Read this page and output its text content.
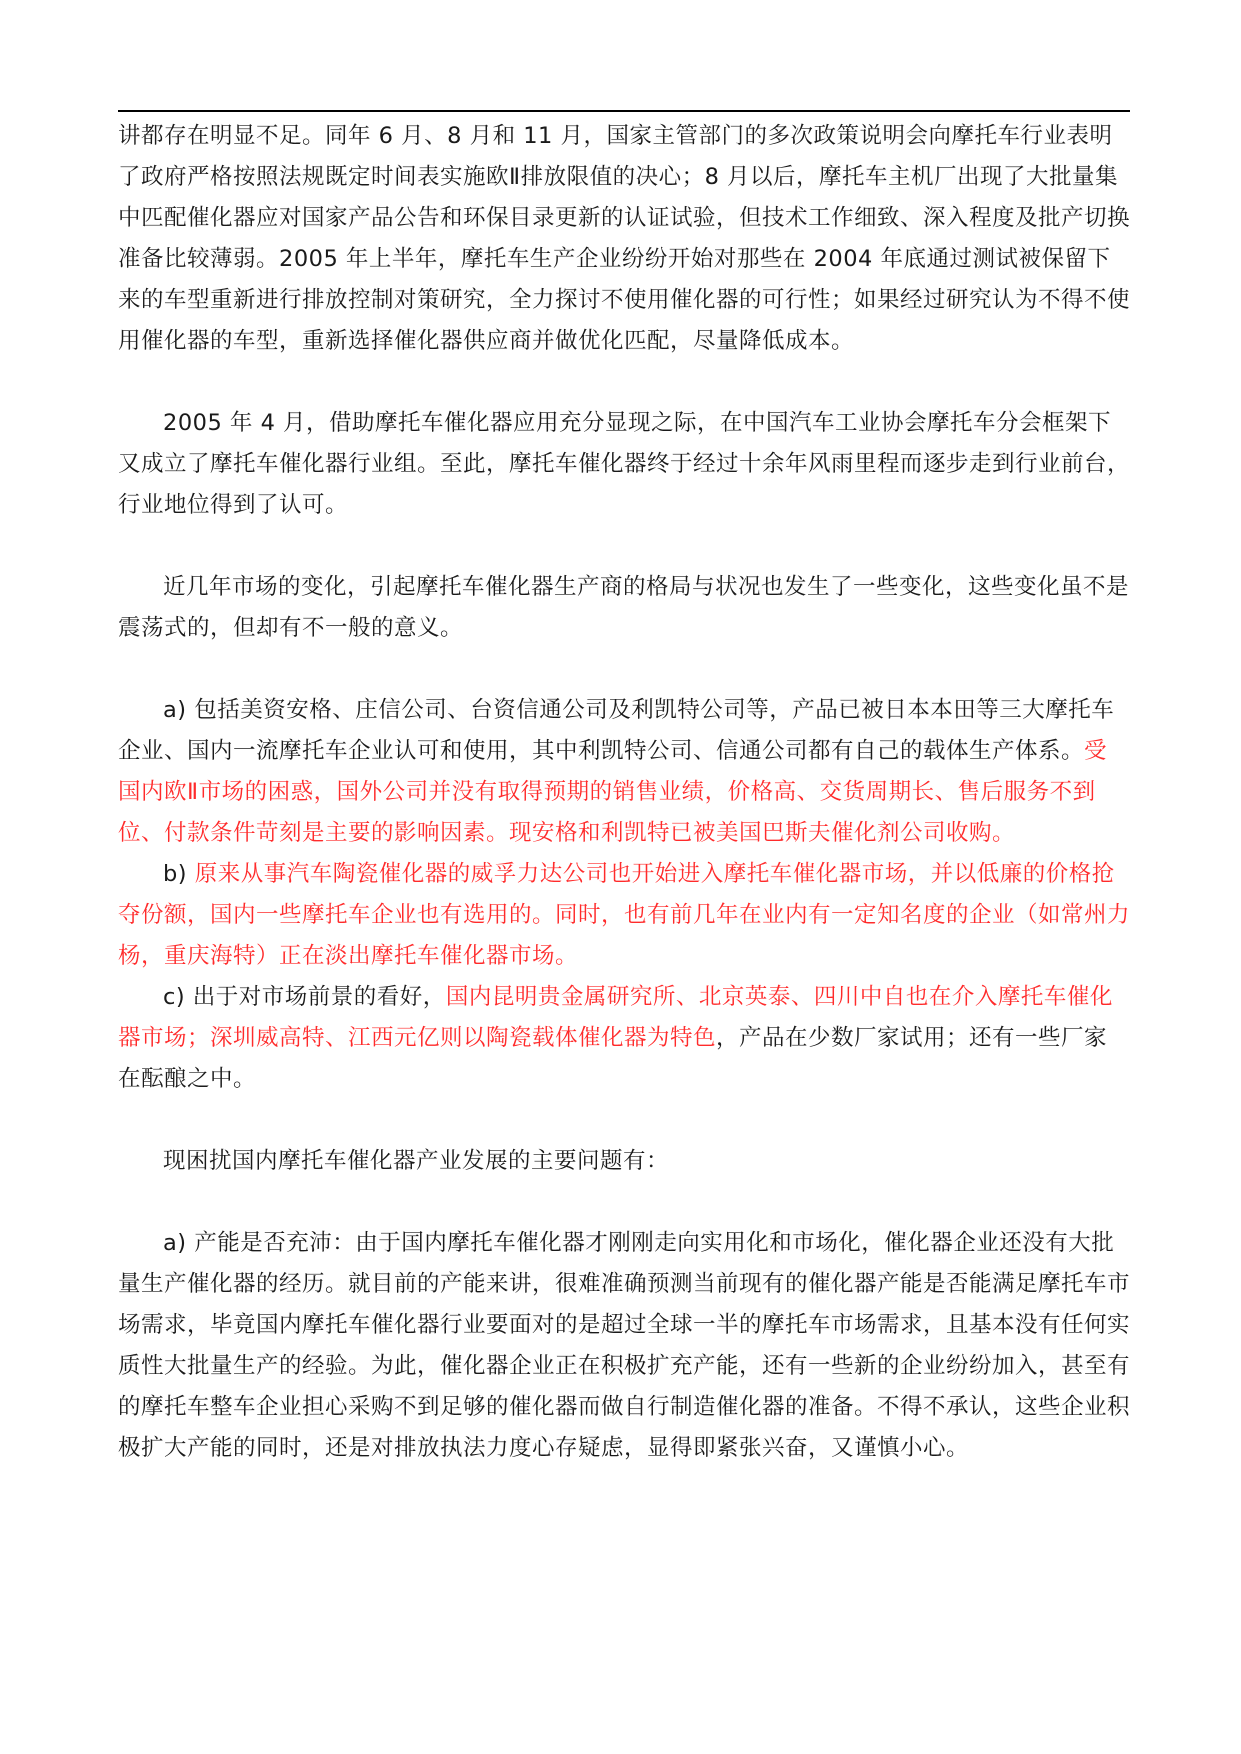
讲都存在明显不足。同年 6 月、8 月和 11 月，国家主管部门的多次政策说明会向摩托车行业表明了政府严格按照法规既定时间表实施欧Ⅱ排放限值的决心；8 月以后，摩托车主机厂出现了大批量集中匹配催化器应对国家产品公告和环保目录更新的认证试验，但技术工作细致、深入程度及批产切换准备比较薄弱。2005 年上半年，摩托车生产企业纷纷开始对那些在 2004 年底通过测试被保留下来的车型重新进行排放控制对策研究，全力探讨不使用催化器的可行性；如果经过研究认为不得不使用催化器的车型，重新选择催化器供应商并做优化匹配，尽量降低成本。

2005 年 4 月，借助摩托车催化器应用充分显现之际，在中国汽车工业协会摩托车分会框架下又成立了摩托车催化器行业组。至此，摩托车催化器终于经过十余年风雨里程而逐步走到行业前台，行业地位得到了认可。

近几年市场的变化，引起摩托车催化器生产商的格局与状况也发生了一些变化，这些变化虽不是震荡式的，但却有不一般的意义。

a) 包括美资安格、庄信公司、台资信通公司及利凯特公司等，产品已被日本本田等三大摩托车企业、国内一流摩托车企业认可和使用，其中利凯特公司、信通公司都有自己的载体生产体系。受国内欧Ⅱ市场的困惑，国外公司并没有取得预期的销售业绩，价格高、交货周期长、售后服务不到位、付款条件苛刻是主要的影响因素。现安格和利凯特已被美国巴斯夫催化剂公司收购。

b) 原来从事汽车陶瓷催化器的威孚力达公司也开始进入摩托车催化器市场，并以低廉的价格抢夺份额，国内一些摩托车企业也有选用的。同时，也有前几年在业内有一定知名度的企业（如常州力杨，重庆海特）正在淡出摩托车催化器市场。

c) 出于对市场前景的看好，国内昆明贵金属研究所、北京英泰、四川中自也在介入摩托车催化器市场；深圳威高特、江西元亿则以陶瓷载体催化器为特色，产品在少数厂家试用；还有一些厂家在酝酿之中。

现困扰国内摩托车催化器产业发展的主要问题有：

a) 产能是否充沛：由于国内摩托车催化器才刚刚走向实用化和市场化，催化器企业还没有大批量生产催化器的经历。就目前的产能来讲，很难准确预测当前现有的催化器产能是否能满足摩托车市场需求，毕竟国内摩托车催化器行业要面对的是超过全球一半的摩托车市场需求，且基本没有任何实质性大批量生产的经验。为此，催化器企业正在积极扩充产能，还有一些新的企业纷纷加入，甚至有的摩托车整车企业担心采购不到足够的催化器而做自行制造催化器的准备。不得不承认，这些企业积极扩大产能的同时，还是对排放执法力度心存疑虑，显得即紧张兴奋，又谨慎小心。
